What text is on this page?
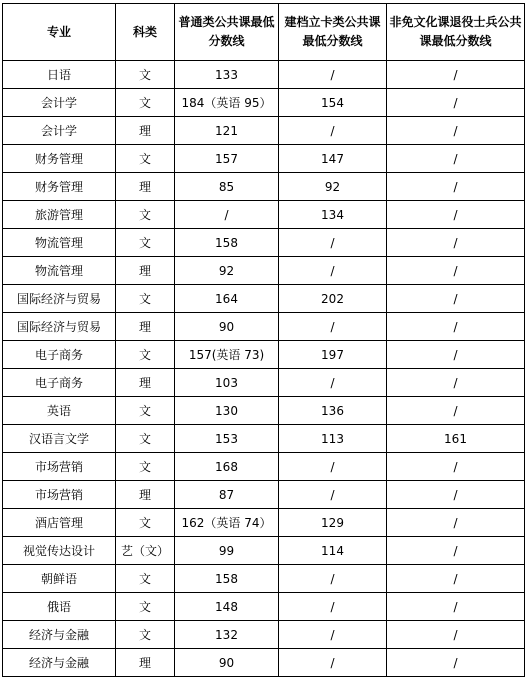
专业	科类	普通类公共课最低分数线	建档立卡类公共课最低分数线	非免文化课退役士兵公共课最低分数线
日语	文	133	/	/
会计学	文	184（英语 95）	154	/
会计学	理	121	/	/
财务管理	文	157	147	/
财务管理	理	85	92	/
旅游管理	文	/	134	/
物流管理	文	158	/	/
物流管理	理	92	/	/
国际经济与贸易	文	164	202	/
国际经济与贸易	理	90	/	/
电子商务	文	157(英语 73)	197	/
电子商务	理	103	/	/
英语	文	130	136	/
汉语言文学	文	153	113	161
市场营销	文	168	/	/
市场营销	理	87	/	/
酒店管理	文	162（英语 74）	129	/
视觉传达设计	艺（文）	99	114	/
朝鲜语	文	158	/	/
俄语	文	148	/	/
经济与金融	文	132	/	/
经济与金融	理	90	/	/
